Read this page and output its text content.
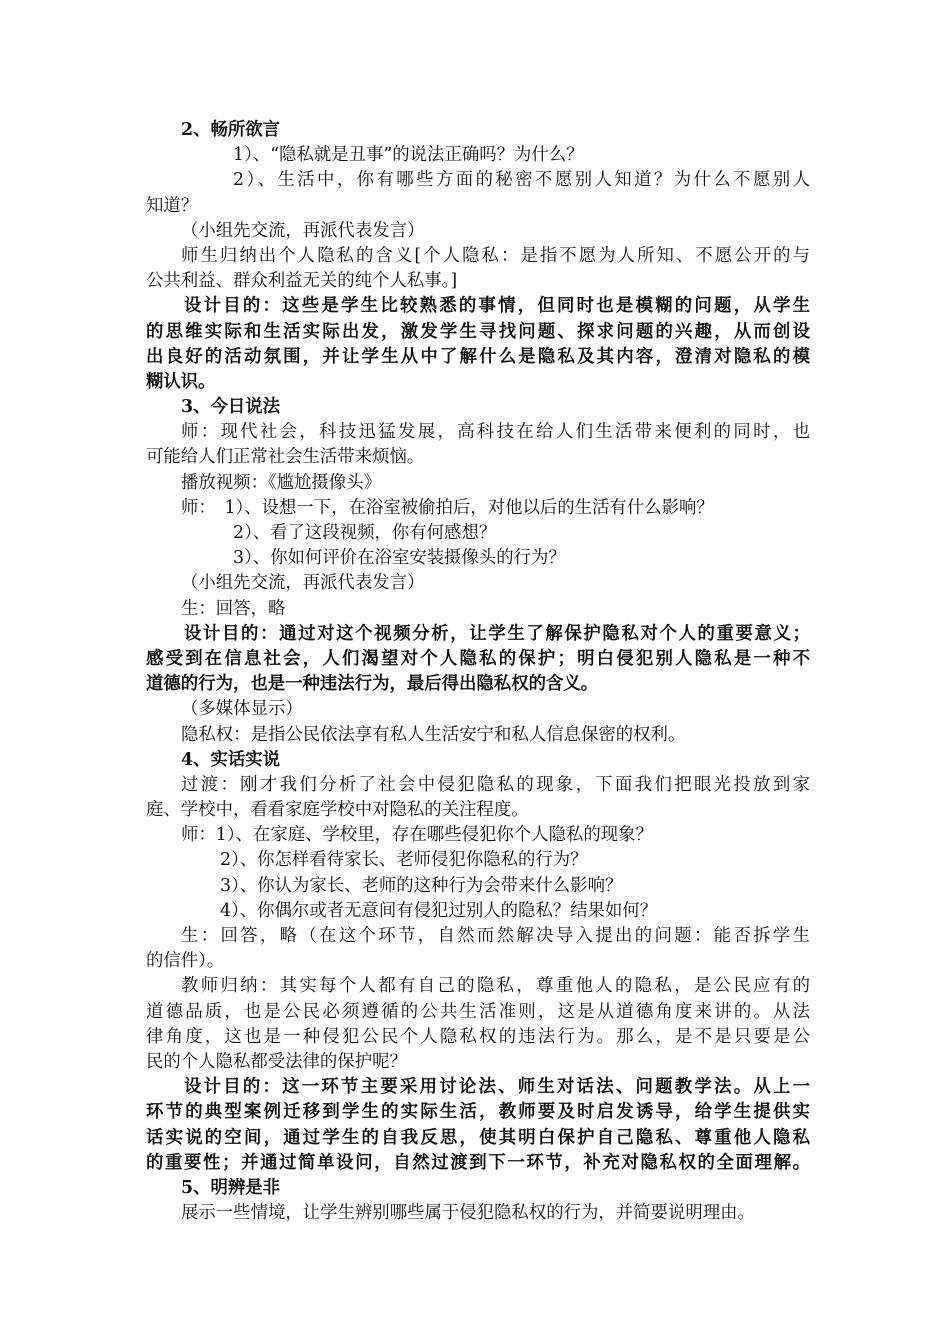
2、畅所欲言
1）、“隐私就是丑事”的说法正确吗？为什么？
2）、生活中，你有哪些方面的秘密不愿别人知道？为什么不愿别人
知道？
（小组先交流，再派代表发言）
师生归纳出个人隐私的含义[个人隐私：是指不愿为人所知、不愿公开的与
公共利益、群众利益无关的纯个人私事。]
设计目的：这些是学生比较熟悉的事情，但同时也是模糊的问题，从学生
的思维实际和生活实际出发，激发学生寻找问题、探求问题的兴趣，从而创设
出良好的活动氛围，并让学生从中了解什么是隐私及其内容，澄清对隐私的模
糊认识。
3、今日说法
师：现代社会，科技迅猛发展，高科技在给人们生活带来便利的同时，也
可能给人们正常社会生活带来烦恼。
播放视频：《尴尬摄像头》
师：　1）、设想一下，在浴室被偷拍后，对他以后的生活有什么影响？
2）、看了这段视频，你有何感想？
3）、你如何评价在浴室安装摄像头的行为？
（小组先交流，再派代表发言）
生：回答，略
设计目的：通过对这个视频分析，让学生了解保护隐私对个人的重要意义；
感受到在信息社会，人们渴望对个人隐私的保护；明白侵犯别人隐私是一种不
道德的行为，也是一种违法行为，最后得出隐私权的含义。
（多媒体显示）
隐私权：是指公民依法享有私人生活安宁和私人信息保密的权利。
4、实话实说
过渡：刚才我们分析了社会中侵犯隐私的现象，下面我们把眼光投放到家
庭、学校中，看看家庭学校中对隐私的关注程度。
师：1）、在家庭、学校里，存在哪些侵犯你个人隐私的现象？
2）、你怎样看待家长、老师侵犯你隐私的行为？
3）、你认为家长、老师的这种行为会带来什么影响？
4）、你偶尔或者无意间有侵犯过别人的隐私？结果如何？
生：回答，略（在这个环节，自然而然解决导入提出的问题：能否拆学生
的信件）。
教师归纳：其实每个人都有自己的隐私，尊重他人的隐私，是公民应有的
道德品质，也是公民必须遵循的公共生活准则，这是从道德角度来讲的。从法
律角度，这也是一种侵犯公民个人隐私权的违法行为。那么，是不是只要是公
民的个人隐私都受法律的保护呢？
设计目的：这一环节主要采用讨论法、师生对话法、问题教学法。从上一
环节的典型案例迁移到学生的实际生活，教师要及时启发诱导，给学生提供实
话实说的空间，通过学生的自我反思，使其明白保护自己隐私、尊重他人隐私
的重要性；并通过简单设问，自然过渡到下一环节，补充对隐私权的全面理解。
5、明辨是非
展示一些情境，让学生辨别哪些属于侵犯隐私权的行为，并简要说明理由。
